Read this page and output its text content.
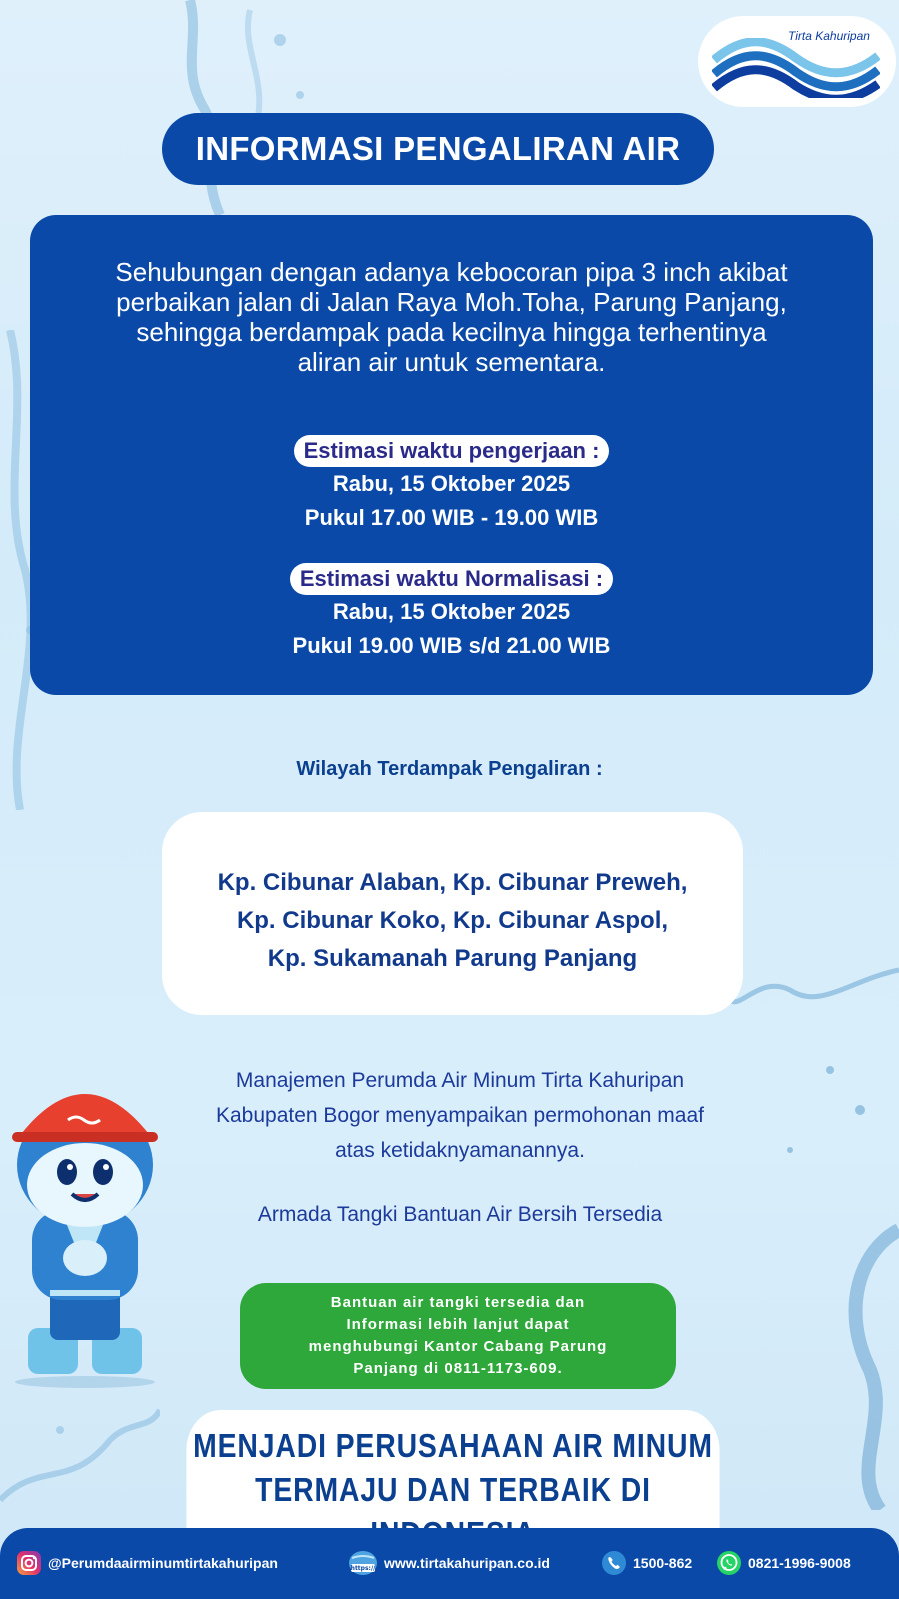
Tirta Kahuripan
INFORMASI PENGALIRAN AIR
Sehubungan dengan adanya kebocoran pipa 3 inch akibat
perbaikan jalan di Jalan Raya Moh.Toha, Parung Panjang,
sehingga berdampak pada kecilnya hingga terhentinya
aliran air untuk sementara.
Estimasi waktu pengerjaan :
Rabu, 15 Oktober 2025
Pukul 17.00 WIB - 19.00 WIB
Estimasi waktu Normalisasi :
Rabu, 15 Oktober 2025
Pukul 19.00 WIB s/d 21.00 WIB
Wilayah Terdampak Pengaliran :
Kp. Cibunar Alaban, Kp. Cibunar Preweh,
Kp. Cibunar Koko, Kp. Cibunar Aspol,
Kp. Sukamanah Parung Panjang
Manajemen Perumda Air Minum Tirta Kahuripan
Kabupaten Bogor menyampaikan permohonan maaf
atas ketidaknyamanannya.
Armada Tangki Bantuan Air Bersih Tersedia
Bantuan air tangki tersedia dan
Informasi lebih lanjut dapat
menghubungi Kantor Cabang Parung
Panjang di 0811-1173-609.
MENJADI PERUSAHAAN AIR MINUM
TERMAJU DAN TERBAIK DI
@Perumdaairminumtirtakahuripan	https:// www.tirtakahuripan.co.id	1500-862	0821-1996-9008
